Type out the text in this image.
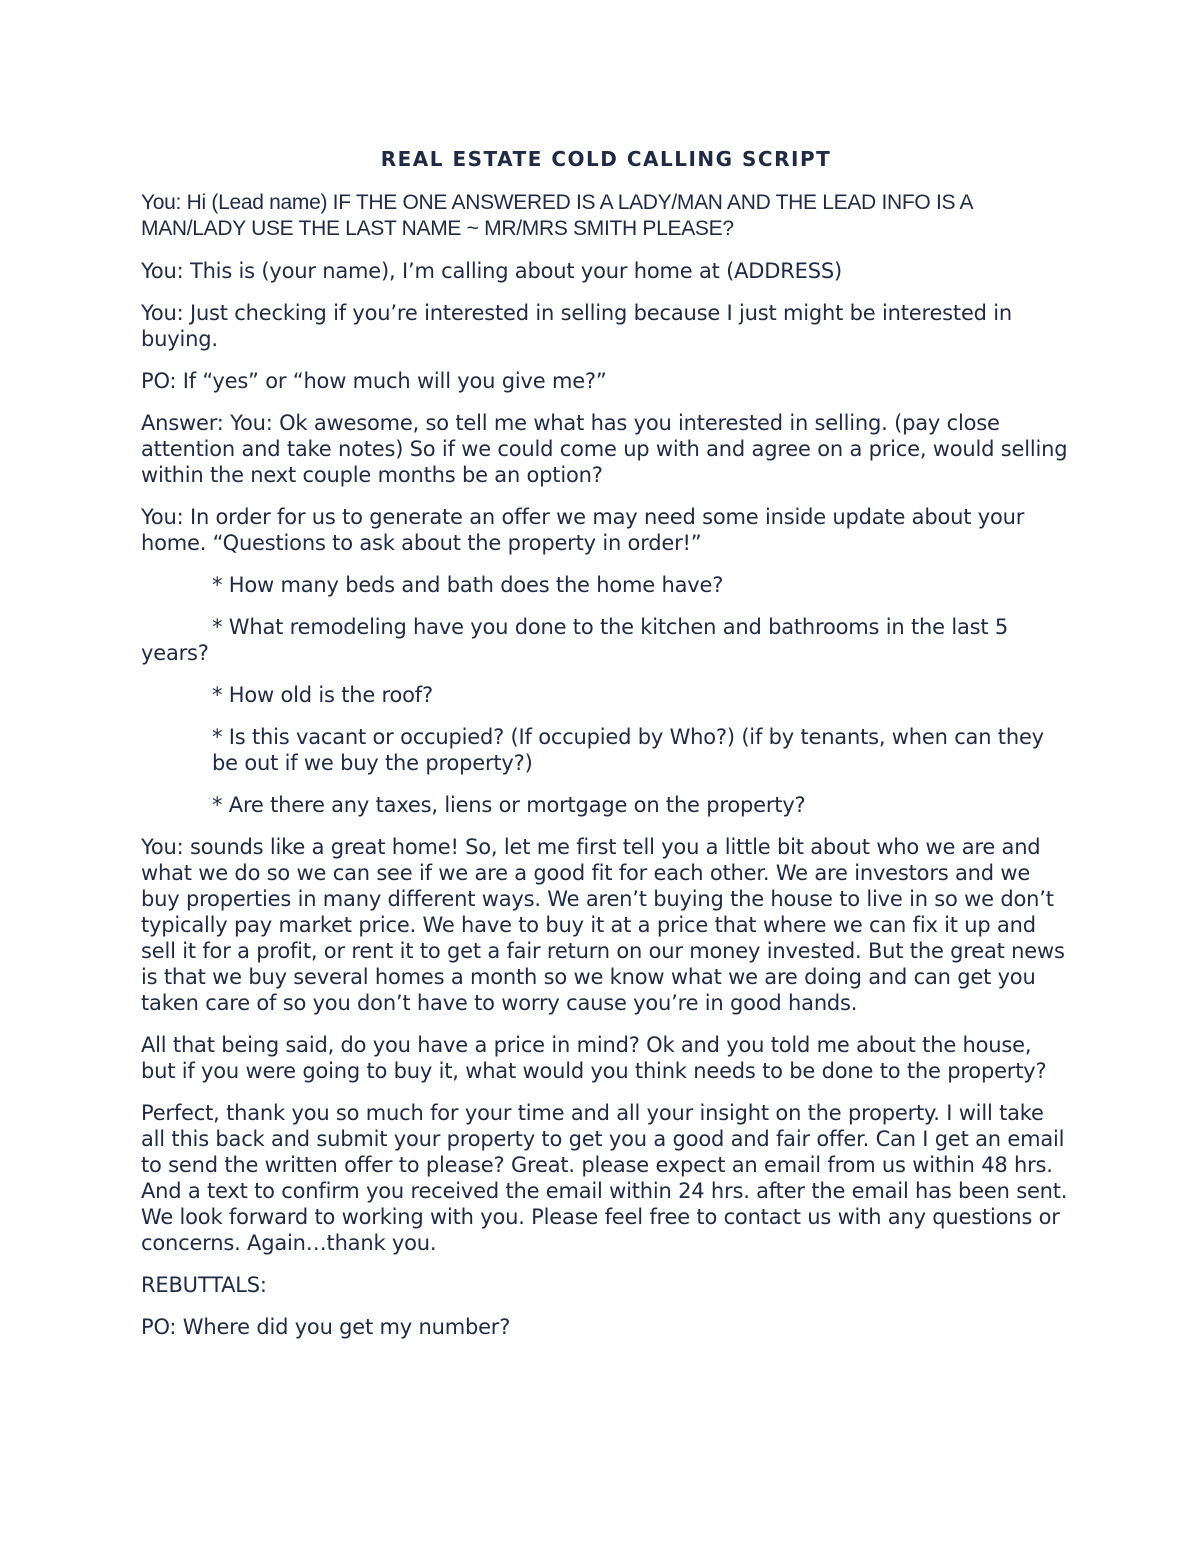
REAL ESTATE COLD CALLING SCRIPT

You: Hi (Lead name) IF THE ONE ANSWERED IS A LADY/MAN AND THE LEAD INFO IS A MAN/LADY USE THE LAST NAME ~ MR/MRS SMITH PLEASE?

You: This is (your name), I’m calling about your home at (ADDRESS)

You: Just checking if you’re interested in selling because I just might be interested in buying.

PO: If “yes” or “how much will you give me?”

Answer: You: Ok awesome, so tell me what has you interested in selling. (pay close attention and take notes) So if we could come up with and agree on a price, would selling within the next couple months be an option?

You: In order for us to generate an offer we may need some inside update about your home. “Questions to ask about the property in order!”

* How many beds and bath does the home have?

* What remodeling have you done to the kitchen and bathrooms in the last 5 years?

* How old is the roof?

* Is this vacant or occupied? (If occupied by Who?) (if by tenants, when can they be out if we buy the property?)

* Are there any taxes, liens or mortgage on the property?

You: sounds like a great home! So, let me first tell you a little bit about who we are and what we do so we can see if we are a good fit for each other. We are investors and we buy properties in many different ways. We aren’t buying the house to live in so we don’t typically pay market price. We have to buy it at a price that where we can fix it up and sell it for a profit, or rent it to get a fair return on our money invested. But the great news is that we buy several homes a month so we know what we are doing and can get you taken care of so you don’t have to worry cause you’re in good hands.

All that being said, do you have a price in mind? Ok and you told me about the house, but if you were going to buy it, what would you think needs to be done to the property?

Perfect, thank you so much for your time and all your insight on the property. I will take all this back and submit your property to get you a good and fair offer. Can I get an email to send the written offer to please? Great. please expect an email from us within 48 hrs. And a text to confirm you received the email within 24 hrs. after the email has been sent. We look forward to working with you. Please feel free to contact us with any questions or concerns. Again…thank you.

REBUTTALS:

PO: Where did you get my number?
